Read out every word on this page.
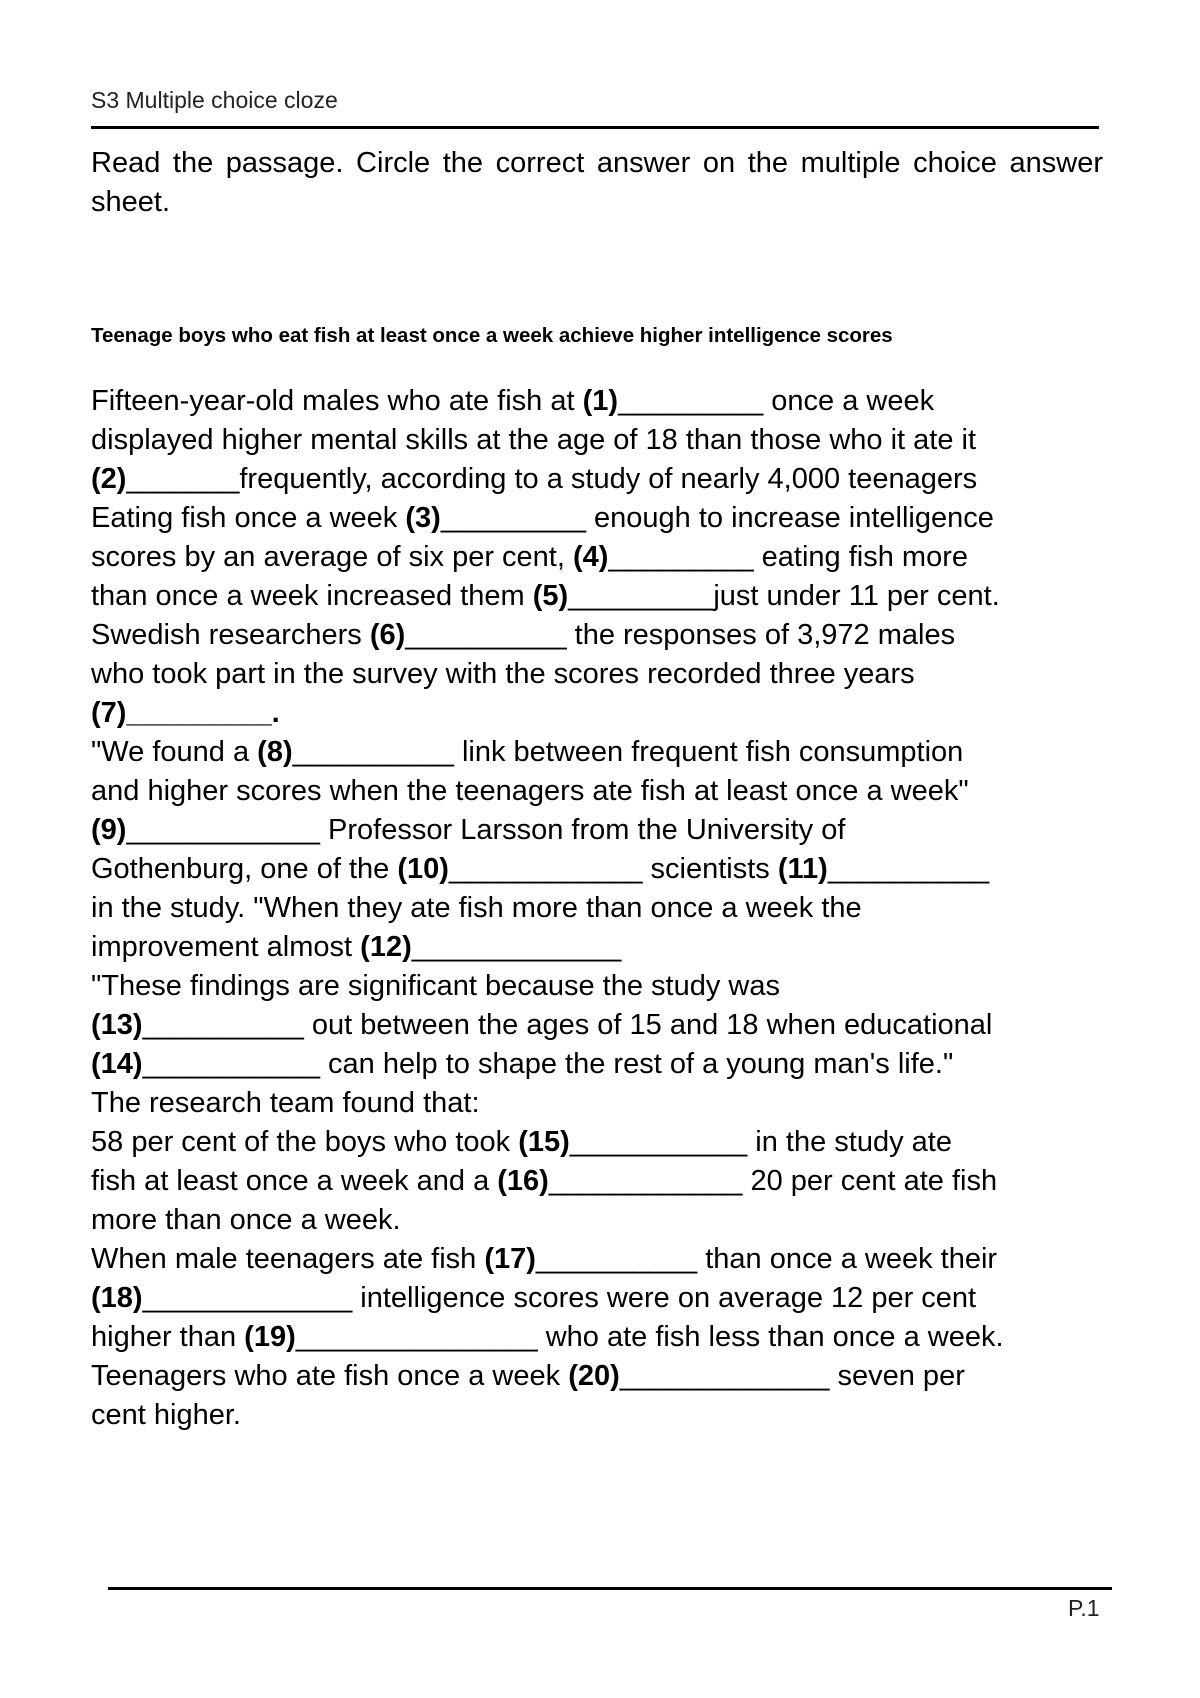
S3 Multiple choice cloze
Read the passage. Circle the correct answer on the multiple choice answer sheet.
Teenage boys who eat fish at least once a week achieve higher intelligence scores
Fifteen-year-old males who ate fish at (1)_________ once a week
displayed higher mental skills at the age of 18 than those who it ate it
(2)_______frequently, according to a study of nearly 4,000 teenagers
Eating fish once a week (3)_________ enough to increase intelligence
scores by an average of six per cent, (4)_________ eating fish more
than once a week increased them (5)_________just under 11 per cent.
Swedish researchers (6)__________ the responses of 3,972 males
who took part in the survey with the scores recorded three years
(7)_________.
"We found a (8)__________ link between frequent fish consumption
and higher scores when the teenagers ate fish at least once a week"
(9)____________ Professor Larsson from the University of
Gothenburg, one of the (10)____________ scientists (11)__________
in the study. "When they ate fish more than once a week the
improvement almost (12)_____________
"These findings are significant because the study was
(13)__________ out between the ages of 15 and 18 when educational
(14)___________ can help to shape the rest of a young man's life."
The research team found that:
58 per cent of the boys who took (15)___________ in the study ate
fish at least once a week and a (16)____________ 20 per cent ate fish
more than once a week.
When male teenagers ate fish (17)__________ than once a week their
(18)_____________ intelligence scores were on average 12 per cent
higher than (19)_______________ who ate fish less than once a week.
Teenagers who ate fish once a week (20)_____________ seven per
cent higher.
P.1
